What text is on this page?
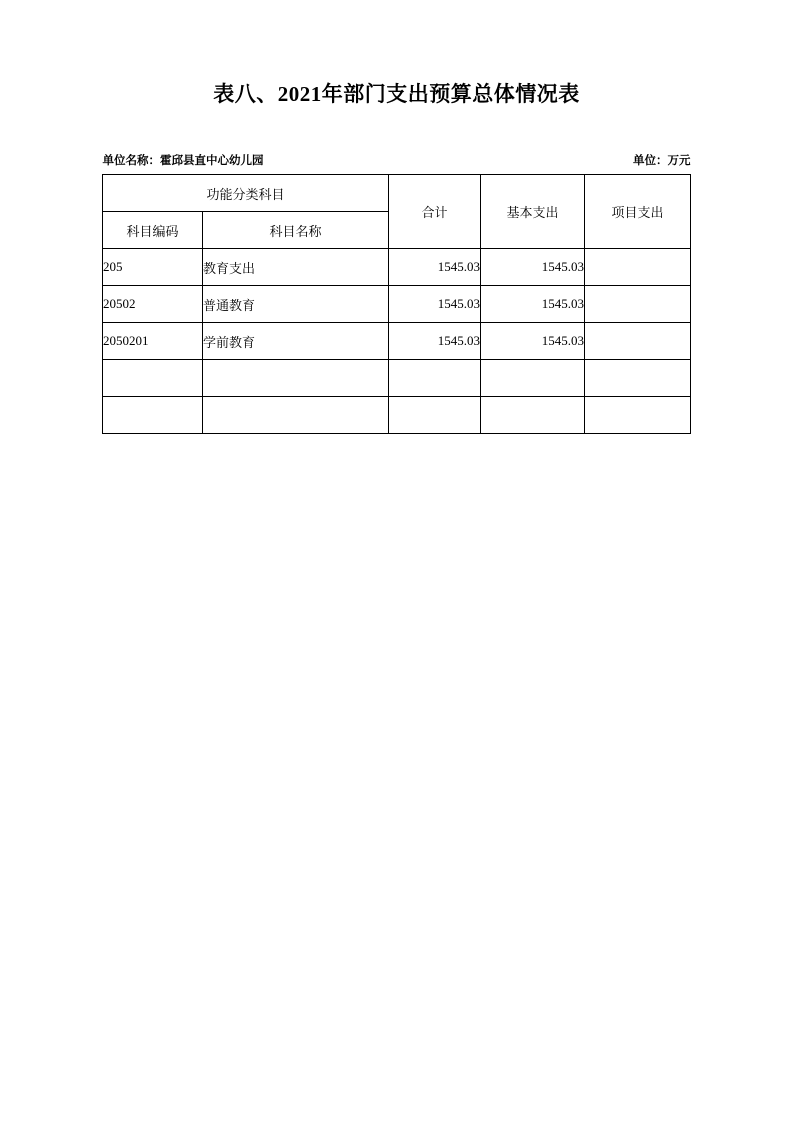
表八、2021年部门支出预算总体情况表
单位名称：霍邱县直中心幼儿园	单位：万元
功能分类科目		合计	基本支出	项目支出
科目编码	科目名称			
205	教育支出	1545.03	1545.03	
20502	普通教育	1545.03	1545.03	
2050201	学前教育	1545.03	1545.03	
